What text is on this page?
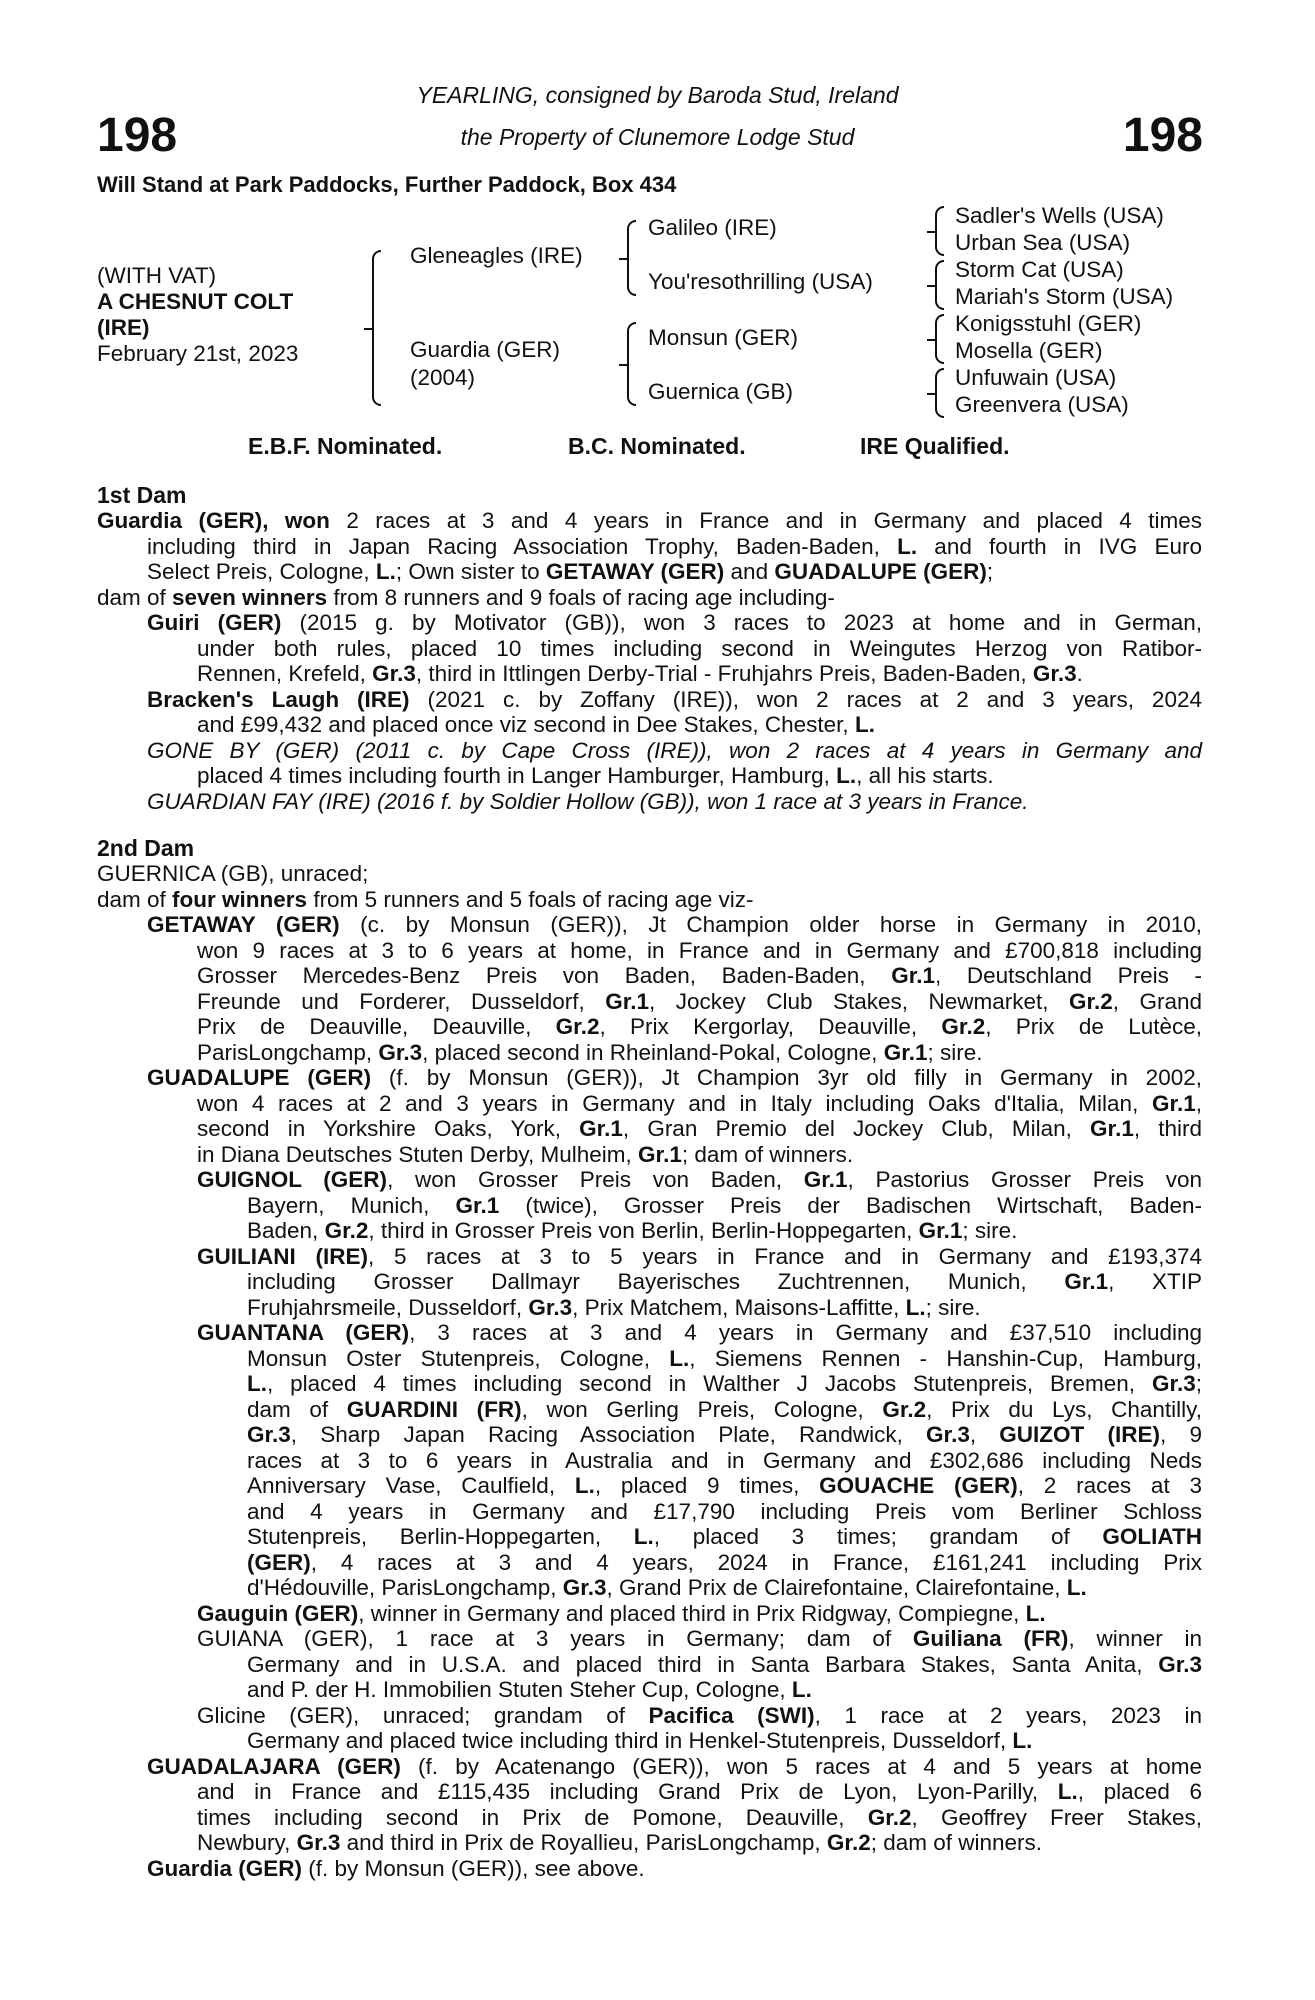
198	198
YEARLING, consigned by Baroda Stud, Ireland
the Property of Clunemore Lodge Stud
Will Stand at Park Paddocks, Further Paddock, Box 434
(WITH VAT)
A CHESNUT COLT
(IRE)
February 21st, 2023
Gleneagles (IRE)
Guardia (GER)
(2004)
Galileo (IRE)
You'resothrilling (USA)
Monsun (GER)
Guernica (GB)
Sadler's Wells (USA)
Urban Sea (USA)
Storm Cat (USA)
Mariah's Storm (USA)
Konigsstuhl (GER)
Mosella (GER)
Unfuwain (USA)
Greenvera (USA)
E.B.F. Nominated.	B.C. Nominated.	IRE Qualified.
1st Dam
Guardia (GER), won 2 races at 3 and 4 years in France and in Germany and placed 4 times
including third in Japan Racing Association Trophy, Baden-Baden, L. and fourth in IVG Euro
Select Preis, Cologne, L.; Own sister to GETAWAY (GER) and GUADALUPE (GER);
dam of seven winners from 8 runners and 9 foals of racing age including-
Guiri (GER) (2015 g. by Motivator (GB)), won 3 races to 2023 at home and in German,
under both rules, placed 10 times including second in Weingutes Herzog von Ratibor-
Rennen, Krefeld, Gr.3, third in Ittlingen Derby-Trial - Fruhjahrs Preis, Baden-Baden, Gr.3.
Bracken's Laugh (IRE) (2021 c. by Zoffany (IRE)), won 2 races at 2 and 3 years, 2024
and £99,432 and placed once viz second in Dee Stakes, Chester, L.
GONE BY (GER) (2011 c. by Cape Cross (IRE)), won 2 races at 4 years in Germany and
placed 4 times including fourth in Langer Hamburger, Hamburg, L., all his starts.
GUARDIAN FAY (IRE) (2016 f. by Soldier Hollow (GB)), won 1 race at 3 years in France.
2nd Dam
GUERNICA (GB), unraced;
dam of four winners from 5 runners and 5 foals of racing age viz-
GETAWAY (GER) (c. by Monsun (GER)), Jt Champion older horse in Germany in 2010,
won 9 races at 3 to 6 years at home, in France and in Germany and £700,818 including
Grosser Mercedes-Benz Preis von Baden, Baden-Baden, Gr.1, Deutschland Preis -
Freunde und Forderer, Dusseldorf, Gr.1, Jockey Club Stakes, Newmarket, Gr.2, Grand
Prix de Deauville, Deauville, Gr.2, Prix Kergorlay, Deauville, Gr.2, Prix de Lutèce,
ParisLongchamp, Gr.3, placed second in Rheinland-Pokal, Cologne, Gr.1; sire.
GUADALUPE (GER) (f. by Monsun (GER)), Jt Champion 3yr old filly in Germany in 2002,
won 4 races at 2 and 3 years in Germany and in Italy including Oaks d'Italia, Milan, Gr.1,
second in Yorkshire Oaks, York, Gr.1, Gran Premio del Jockey Club, Milan, Gr.1, third
in Diana Deutsches Stuten Derby, Mulheim, Gr.1; dam of winners.
GUIGNOL (GER), won Grosser Preis von Baden, Gr.1, Pastorius Grosser Preis von
Bayern, Munich, Gr.1 (twice), Grosser Preis der Badischen Wirtschaft, Baden-
Baden, Gr.2, third in Grosser Preis von Berlin, Berlin-Hoppegarten, Gr.1; sire.
GUILIANI (IRE), 5 races at 3 to 5 years in France and in Germany and £193,374
including Grosser Dallmayr Bayerisches Zuchtrennen, Munich, Gr.1, XTIP
Fruhjahrsmeile, Dusseldorf, Gr.3, Prix Matchem, Maisons-Laffitte, L.; sire.
GUANTANA (GER), 3 races at 3 and 4 years in Germany and £37,510 including
Monsun Oster Stutenpreis, Cologne, L., Siemens Rennen - Hanshin-Cup, Hamburg,
L., placed 4 times including second in Walther J Jacobs Stutenpreis, Bremen, Gr.3;
dam of GUARDINI (FR), won Gerling Preis, Cologne, Gr.2, Prix du Lys, Chantilly,
Gr.3, Sharp Japan Racing Association Plate, Randwick, Gr.3, GUIZOT (IRE), 9
races at 3 to 6 years in Australia and in Germany and £302,686 including Neds
Anniversary Vase, Caulfield, L., placed 9 times, GOUACHE (GER), 2 races at 3
and 4 years in Germany and £17,790 including Preis vom Berliner Schloss
Stutenpreis, Berlin-Hoppegarten, L., placed 3 times; grandam of GOLIATH
(GER), 4 races at 3 and 4 years, 2024 in France, £161,241 including Prix
d'Hédouville, ParisLongchamp, Gr.3, Grand Prix de Clairefontaine, Clairefontaine, L.
Gauguin (GER), winner in Germany and placed third in Prix Ridgway, Compiegne, L.
GUIANA (GER), 1 race at 3 years in Germany; dam of Guiliana (FR), winner in
Germany and in U.S.A. and placed third in Santa Barbara Stakes, Santa Anita, Gr.3
and P. der H. Immobilien Stuten Steher Cup, Cologne, L.
Glicine (GER), unraced; grandam of Pacifica (SWI), 1 race at 2 years, 2023 in
Germany and placed twice including third in Henkel-Stutenpreis, Dusseldorf, L.
GUADALAJARA (GER) (f. by Acatenango (GER)), won 5 races at 4 and 5 years at home
and in France and £115,435 including Grand Prix de Lyon, Lyon-Parilly, L., placed 6
times including second in Prix de Pomone, Deauville, Gr.2, Geoffrey Freer Stakes,
Newbury, Gr.3 and third in Prix de Royallieu, ParisLongchamp, Gr.2; dam of winners.
Guardia (GER) (f. by Monsun (GER)), see above.
